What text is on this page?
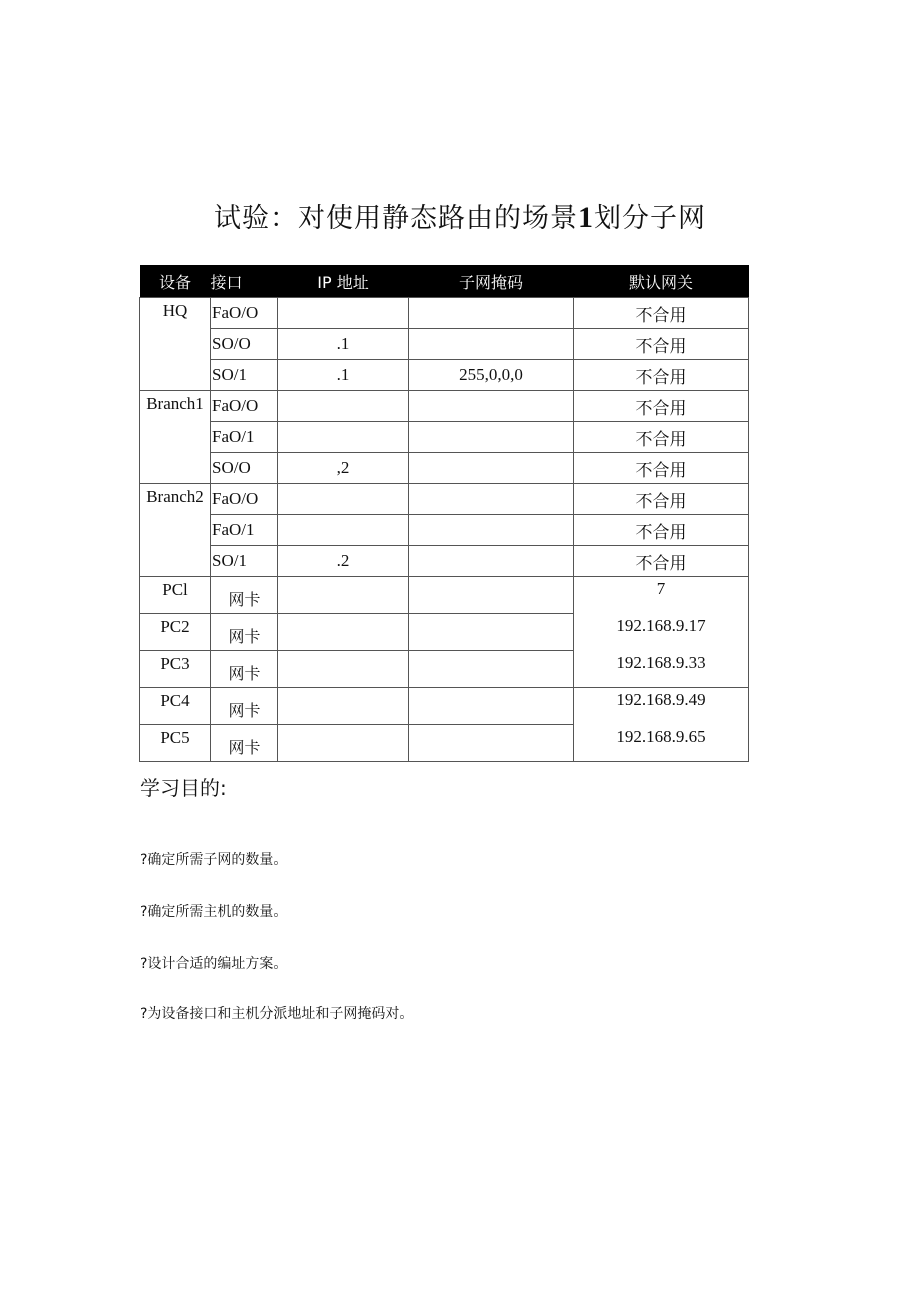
试验：对使用静态路由的场景1划分子网
设备	接口	IP 地址	子网掩码	默认网关
HQ	FaO/O			不合用
	SO/O	.1		不合用
	SO/1	.1	255,0,0,0	不合用
Branch1	FaO/O			不合用
	FaO/1			不合用
	SO/O	,2		不合用
Branch2	FaO/O			不合用
	FaO/1			不合用
	SO/1	.2		不合用
PCl	网卡			7
PC2	网卡			192.168.9.17
PC3	网卡			192.168.9.33
PC4	网卡			192.168.9.49
PC5	网卡			192.168.9.65
学习目的:
?确定所需子网的数量。
?确定所需主机的数量。
?设计合适的编址方案。
?为设备接口和主机分派地址和子网掩码对。
